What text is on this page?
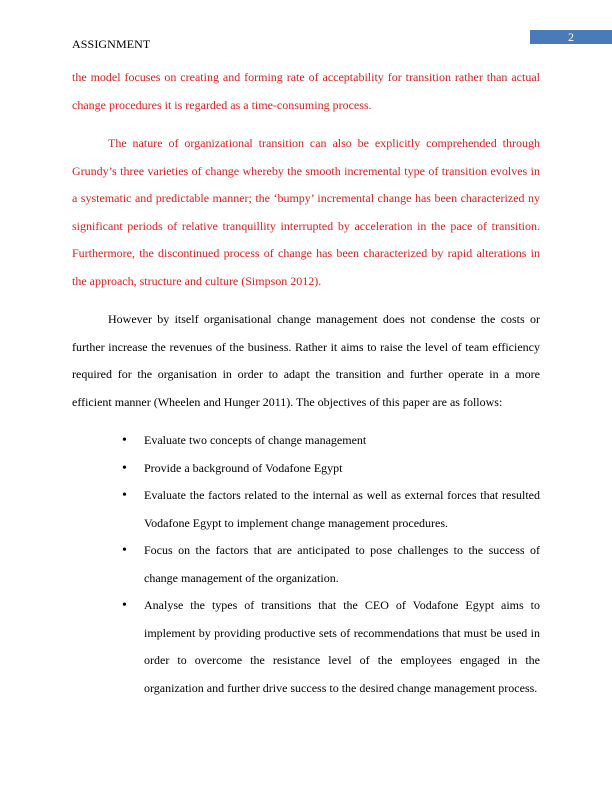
2
ASSIGNMENT

the model focuses on creating and forming rate of acceptability for transition rather than actual change procedures it is regarded as a time-consuming process.

The nature of organizational transition can also be explicitly comprehended through Grundy’s three varieties of change whereby the smooth incremental type of transition evolves in a systematic and predictable manner; the ‘bumpy’ incremental change has been characterized ny significant periods of relative tranquillity interrupted by acceleration in the pace of transition. Furthermore, the discontinued process of change has been characterized by rapid alterations in the approach, structure and culture (Simpson 2012).

However by itself organisational change management does not condense the costs or further increase the revenues of the business. Rather it aims to raise the level of team efficiency required for the organisation in order to adapt the transition and further operate in a more efficient manner (Wheelen and Hunger 2011). The objectives of this paper are as follows:

• Evaluate two concepts of change management
• Provide a background of Vodafone Egypt
• Evaluate the factors related to the internal as well as external forces that resulted Vodafone Egypt to implement change management procedures.
• Focus on the factors that are anticipated to pose challenges to the success of change management of the organization.
• Analyse the types of transitions that the CEO of Vodafone Egypt aims to implement by providing productive sets of recommendations that must be used in order to overcome the resistance level of the employees engaged in the organization and further drive success to the desired change management process.
